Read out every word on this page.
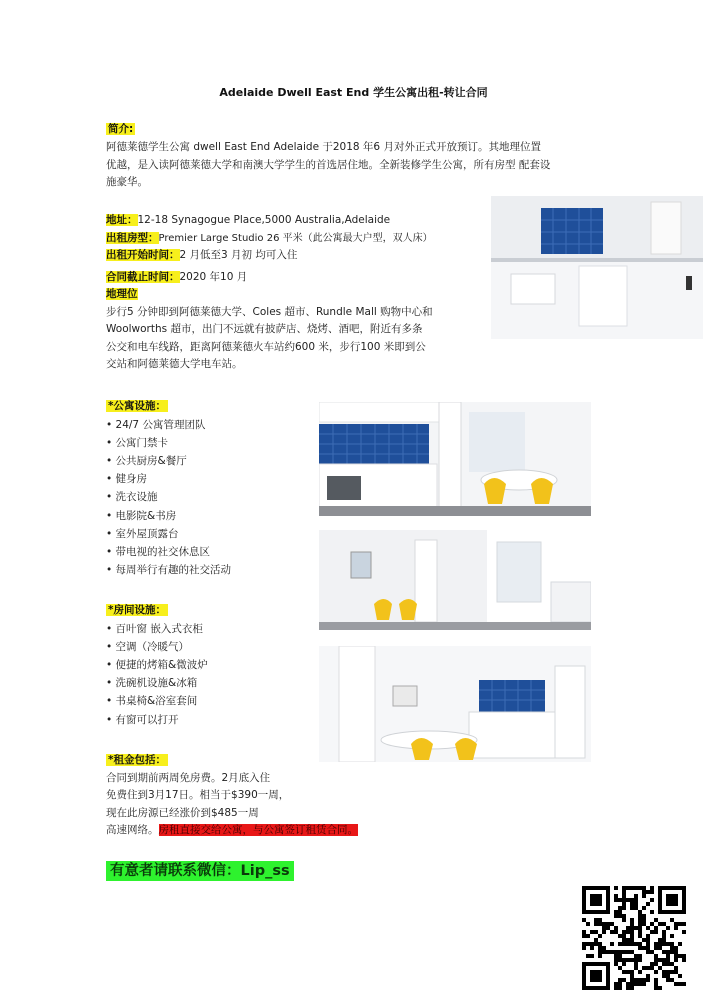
Adelaide Dwell East End 学生公寓出租-转让合同
简介:
阿德莱德学生公寓 dwell East End Adelaide 于2018 年6 月对外正式开放预订。其地理位置
优越，是入读阿德莱德大学和南澳大学学生的首选居住地。全新装修学生公寓，所有房型 配套设
施豪华。
地址：12-18 Synagogue Place,5000 Australia,Adelaide
出租房型：Premier Large Studio 26 平米（此公寓最大户型，双人床）
出租开始时间：2 月低至3 月初 均可入住
合同截止时间：2020 年10 月
地理位
步行5 分钟即到阿德莱德大学、Coles 超市、Rundle Mall 购物中心和
Woolworths 超市，出门不远就有披萨店、烧烤、酒吧，附近有多条
公交和电车线路，距离阿德莱德火车站约600 米，步行100 米即到公
交站和阿德莱德大学电车站。
*公寓设施：
• 24/7 公寓管理团队
• 公寓门禁卡
• 公共厨房&餐厅
• 健身房
• 洗衣设施
• 电影院&书房
• 室外屋顶露台
• 带电视的社交休息区
• 每周举行有趣的社交活动
*房间设施：
• 百叶窗 嵌入式衣柜
• 空调（冷暖气）
• 便捷的烤箱&微波炉
• 洗碗机设施&冰箱
• 书桌椅&浴室套间
• 有窗可以打开
*租金包括：
合同到期前两周免房费。2月底入住
免费住到3月17日。相当于$390一周，
现在此房源已经涨价到$485一周
高速网络。房租直接交给公寓，与公寓签订租赁合同。
有意者请联系微信：Lip_ss
